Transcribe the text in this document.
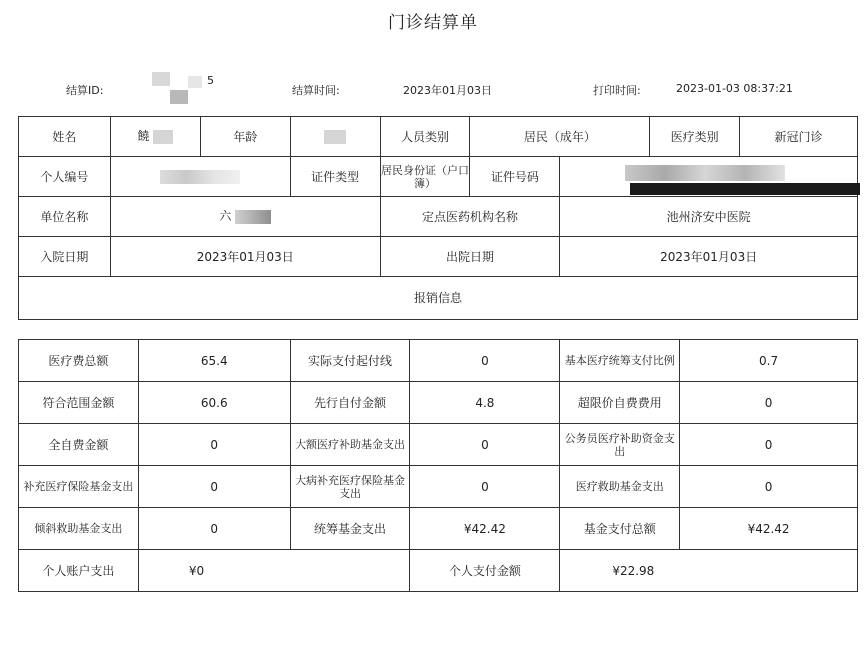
门诊结算单
结算ID:
5
结算时间:	2023年01月03日	打印时间:	2023-01-03 08:37:21
姓名	饒	年龄		人员类别	居民（成年）		医疗类别	新冠门诊
个人编号			证件类型	居民身份证（户口簿）	证件号码			

单位名称	六			定点医药机构名称		池州济安中医院		
入院日期	2023年01月03日			出院日期		2023年01月03日		
报销信息								
医疗费总额	65.4	实际支付起付线	0	基本医疗统筹支付比例	0.7
符合范围金额	60.6	先行自付金额	4.8	超限价自费费用	0
全自费金额	0	大额医疗补助基金支出	0	公务员医疗补助资金支出	0
补充医疗保险基金支出	0	大病补充医疗保险基金支出	0	医疗救助基金支出	0
倾斜救助基金支出	0	统筹基金支出	¥42.42	基金支付总额	¥42.42
个人账户支出	¥0		个人支付金额	¥22.98	
